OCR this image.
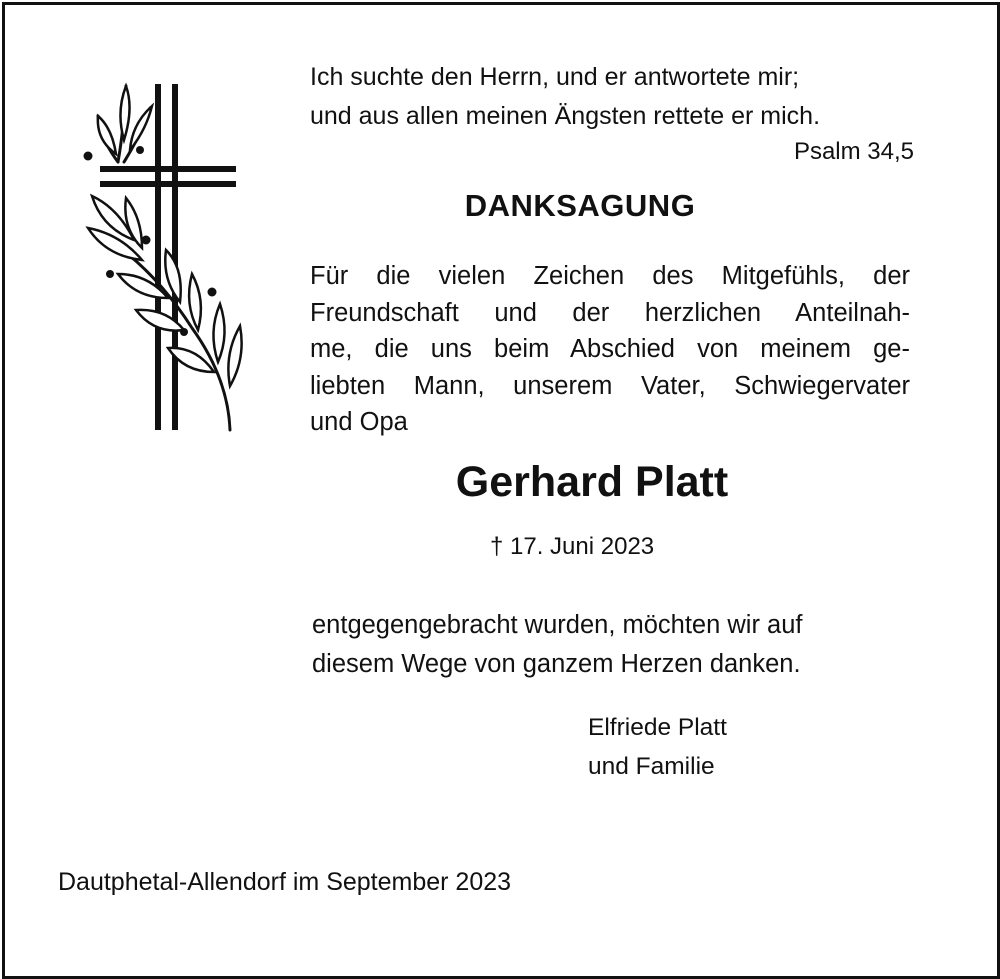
Ich suchte den Herrn, und er antwortete mir;
und aus allen meinen Ängsten rettete er mich.
Psalm 34,5
DANKSAGUNG
Für die vielen Zeichen des Mitgefühls, der
Freundschaft und der herzlichen Anteilnah-
me, die uns beim Abschied von meinem ge-
liebten Mann, unserem Vater, Schwiegervater
und Opa
Gerhard Platt
† 17. Juni 2023
entgegengebracht wurden, möchten wir auf
diesem Wege von ganzem Herzen danken.
Elfriede Platt
und Familie
Dautphetal-Allendorf im September 2023
